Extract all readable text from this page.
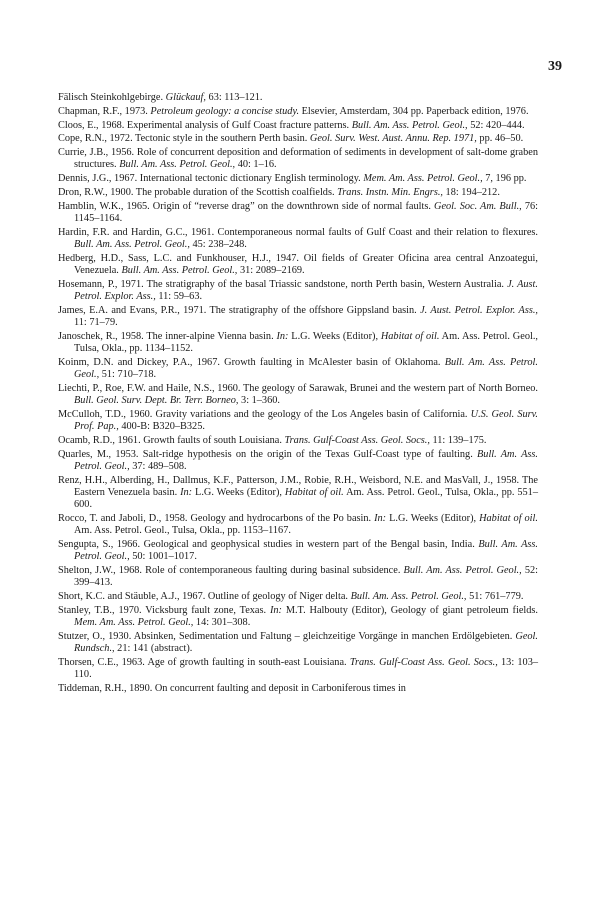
39
Fälisch Steinkohlgebirge. Glückauf, 63: 113–121.
Chapman, R.F., 1973. Petroleum geology: a concise study. Elsevier, Amsterdam, 304 pp. Paperback edition, 1976.
Cloos, E., 1968. Experimental analysis of Gulf Coast fracture patterns. Bull. Am. Ass. Petrol. Geol., 52: 420–444.
Cope, R.N., 1972. Tectonic style in the southern Perth basin. Geol. Surv. West. Aust. Annu. Rep. 1971, pp. 46–50.
Currie, J.B., 1956. Role of concurrent deposition and deformation of sediments in development of salt-dome graben structures. Bull. Am. Ass. Petrol. Geol., 40: 1–16.
Dennis, J.G., 1967. International tectonic dictionary English terminology. Mem. Am. Ass. Petrol. Geol., 7, 196 pp.
Dron, R.W., 1900. The probable duration of the Scottish coalfields. Trans. Instn. Min. Engrs., 18: 194–212.
Hamblin, W.K., 1965. Origin of “reverse drag” on the downthrown side of normal faults. Geol. Soc. Am. Bull., 76: 1145–1164.
Hardin, F.R. and Hardin, G.C., 1961. Contemporaneous normal faults of Gulf Coast and their relation to flexures. Bull. Am. Ass. Petrol. Geol., 45: 238–248.
Hedberg, H.D., Sass, L.C. and Funkhouser, H.J., 1947. Oil fields of Greater Oficina area central Anzoategui, Venezuela. Bull. Am. Ass. Petrol. Geol., 31: 2089–2169.
Hosemann, P., 1971. The stratigraphy of the basal Triassic sandstone, north Perth basin, Western Australia. J. Aust. Petrol. Explor. Ass., 11: 59–63.
James, E.A. and Evans, P.R., 1971. The stratigraphy of the offshore Gippsland basin. J. Aust. Petrol. Explor. Ass., 11: 71–79.
Janoschek, R., 1958. The inner-alpine Vienna basin. In: L.G. Weeks (Editor), Habitat of oil. Am. Ass. Petrol. Geol., Tulsa, Okla., pp. 1134–1152.
Koinm, D.N. and Dickey, P.A., 1967. Growth faulting in McAlester basin of Oklahoma. Bull. Am. Ass. Petrol. Geol., 51: 710–718.
Liechti, P., Roe, F.W. and Haile, N.S., 1960. The geology of Sarawak, Brunei and the western part of North Borneo. Bull. Geol. Surv. Dept. Br. Terr. Borneo, 3: 1–360.
McCulloh, T.D., 1960. Gravity variations and the geology of the Los Angeles basin of California. U.S. Geol. Surv. Prof. Pap., 400-B: B320–B325.
Ocamb, R.D., 1961. Growth faults of south Louisiana. Trans. Gulf-Coast Ass. Geol. Socs., 11: 139–175.
Quarles, M., 1953. Salt-ridge hypothesis on the origin of the Texas Gulf-Coast type of faulting. Bull. Am. Ass. Petrol. Geol., 37: 489–508.
Renz, H.H., Alberding, H., Dallmus, K.F., Patterson, J.M., Robie, R.H., Weisbord, N.E. and MasVall, J., 1958. The Eastern Venezuela basin. In: L.G. Weeks (Editor), Habitat of oil. Am. Ass. Petrol. Geol., Tulsa, Okla., pp. 551–600.
Rocco, T. and Jaboli, D., 1958. Geology and hydrocarbons of the Po basin. In: L.G. Weeks (Editor), Habitat of oil. Am. Ass. Petrol. Geol., Tulsa, Okla., pp. 1153–1167.
Sengupta, S., 1966. Geological and geophysical studies in western part of the Bengal basin, India. Bull. Am. Ass. Petrol. Geol., 50: 1001–1017.
Shelton, J.W., 1968. Role of contemporaneous faulting during basinal subsidence. Bull. Am. Ass. Petrol. Geol., 52: 399–413.
Short, K.C. and Stäuble, A.J., 1967. Outline of geology of Niger delta. Bull. Am. Ass. Petrol. Geol., 51: 761–779.
Stanley, T.B., 1970. Vicksburg fault zone, Texas. In: M.T. Halbouty (Editor), Geology of giant petroleum fields. Mem. Am. Ass. Petrol. Geol., 14: 301–308.
Stutzer, O., 1930. Absinken, Sedimentation und Faltung – gleichzeitige Vorgänge in manchen Erdölgebieten. Geol. Rundsch., 21: 141 (abstract).
Thorsen, C.E., 1963. Age of growth faulting in south-east Louisiana. Trans. Gulf-Coast Ass. Geol. Socs., 13: 103–110.
Tiddeman, R.H., 1890. On concurrent faulting and deposit in Carboniferous times in
